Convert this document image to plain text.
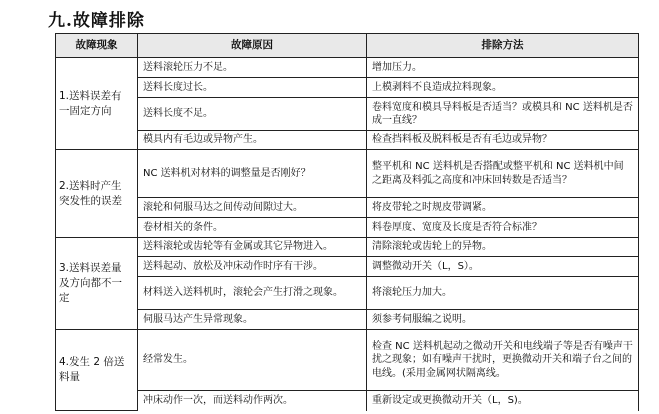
九.故障排除
故障现象	故障原因	排除方法
1.送料误差有一固定方向	送料滚轮压力不足。	增加压力。
	送料长度过长。	上模剥料不良造成拉料现象。
	送料长度不足。	卷料宽度和模具导料板是否适当？或模具和 NC 送料机是否成一直线？
	模具内有毛边或异物产生。	检查挡料板及脱料板是否有毛边或异物？
2.送料时产生突发性的误差	NC 送料机对材料的调整量是否刚好？	整平机和 NC 送料机是否搭配或整平机和 NC 送料机中间之距离及料弧之高度和冲床回转数是否适当？
	滚轮和伺服马达之间传动间隙过大。	将皮带轮之时规皮带调紧。
	卷材相关的条件。	料卷厚度、宽度及长度是否符合标准？
3.送料误差量及方向都不一定	送料滚轮或齿轮等有金属或其它异物进入。	清除滚轮或齿轮上的异物。
	送料起动、放松及冲床动作时序有干涉。	调整微动开关（L，S）。
	材料送入送料机时，滚轮会产生打滑之现象。	将滚轮压力加大。
	伺服马达产生异常现象。	须参考伺服编之说明。
4.发生 2 倍送料量	经常发生。	检查 NC 送料机起动之微动开关和电线端子等是否有噪声干扰之现象；如有噪声干扰时，更换微动开关和端子台之间的电线。(采用金属网状隔离线。
	冲床动作一次，而送料动作两次。	重新设定或更换微动开关（L，S)。
